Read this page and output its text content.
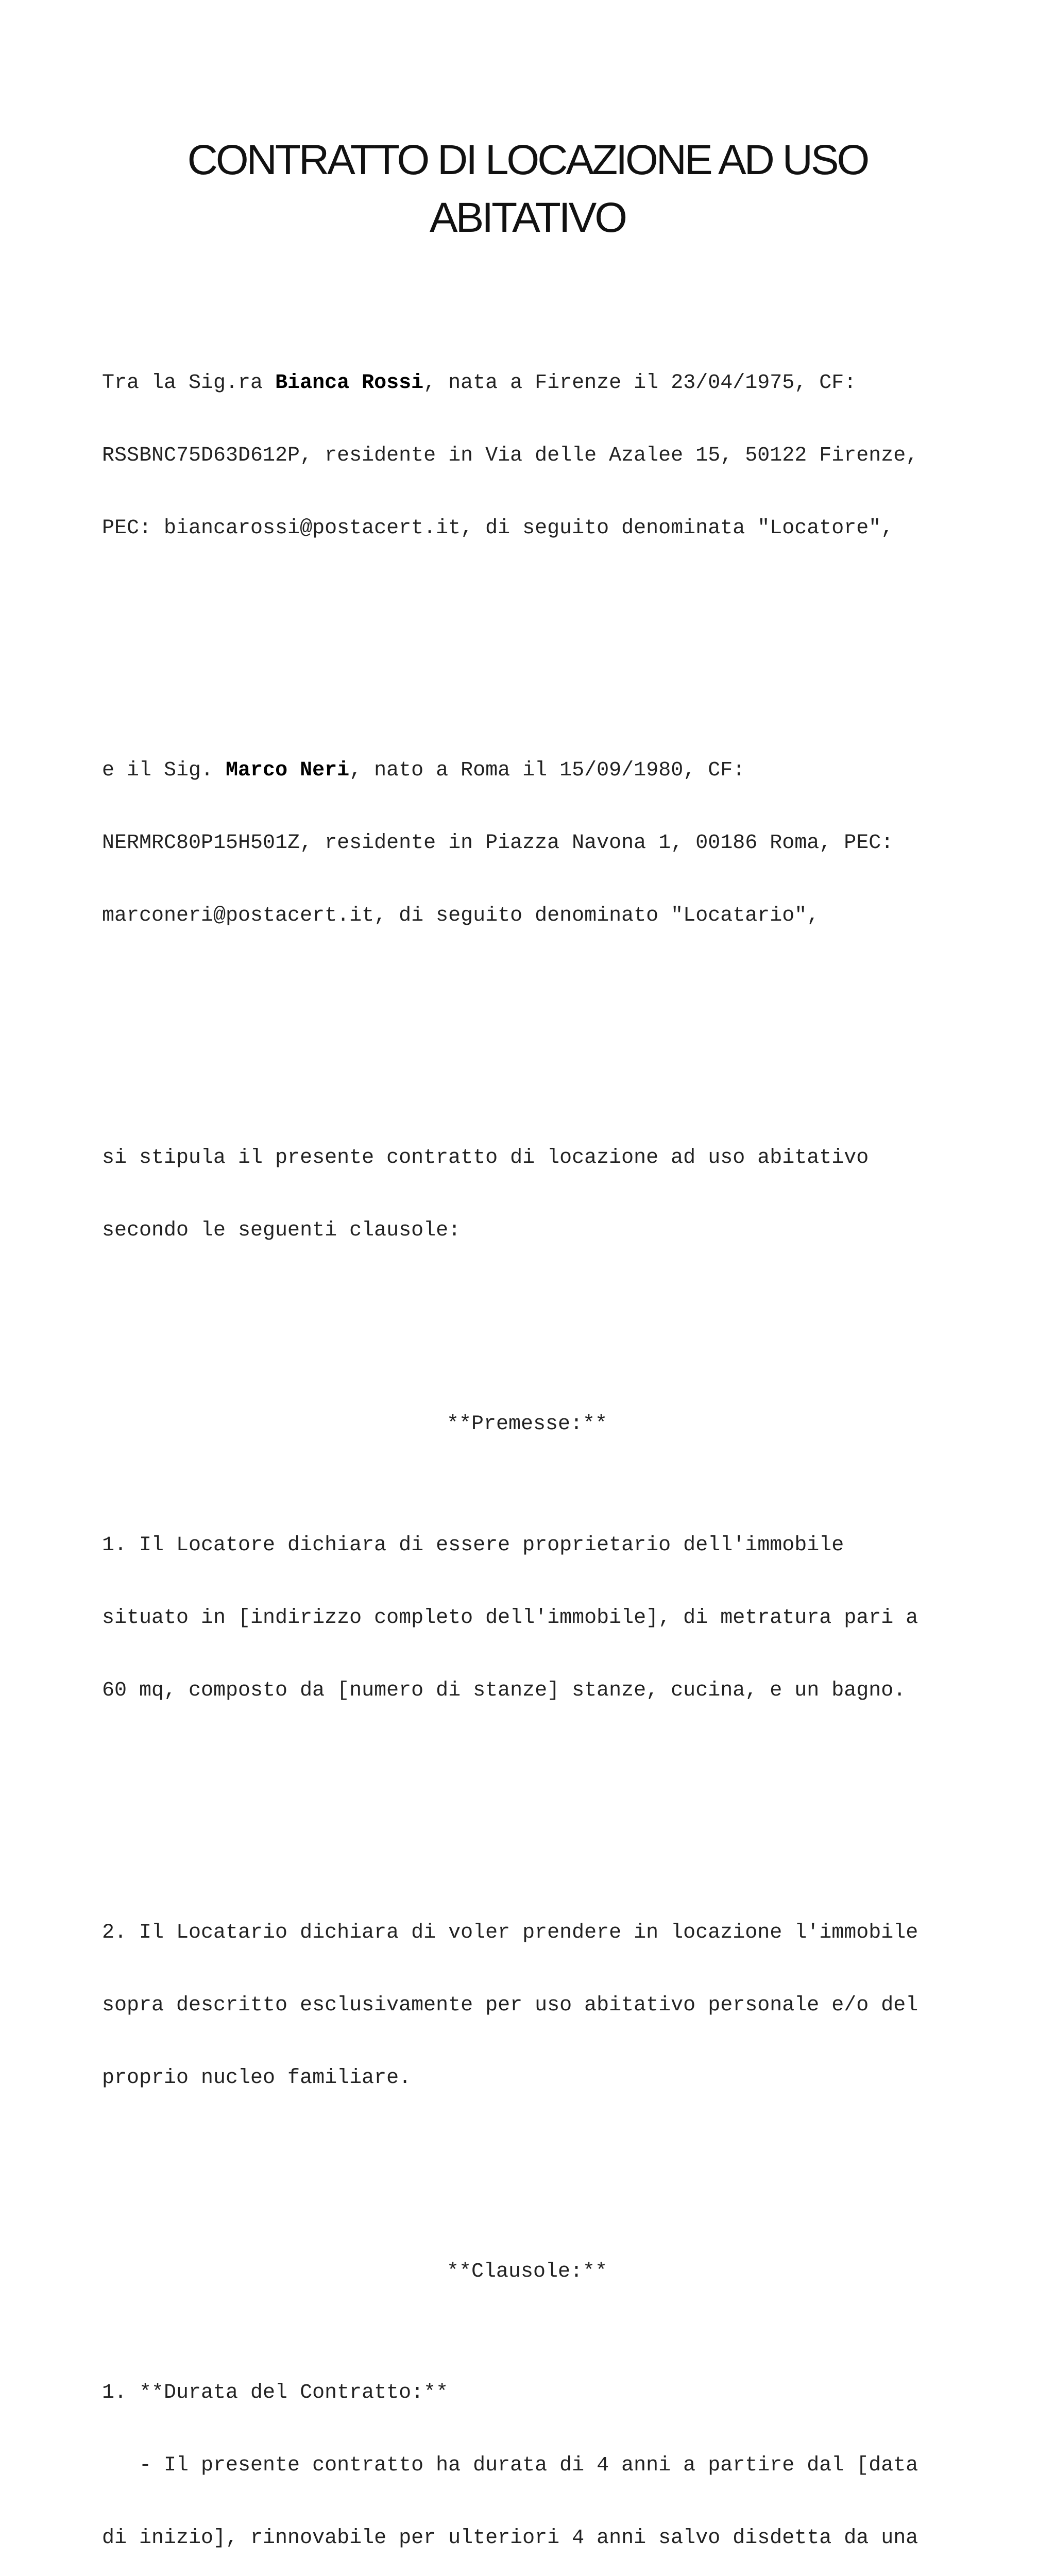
CONTRATTO DI LOCAZIONE AD USO
ABITATIVO

Tra la Sig.ra Bianca Rossi, nata a Firenze il 23/04/1975, CF:

RSSBNC75D63D612P, residente in Via delle Azalee 15, 50122 Firenze,

PEC: biancarossi@postacert.it, di seguito denominata "Locatore",

e il Sig. Marco Neri, nato a Roma il 15/09/1980, CF:

NERMRC80P15H501Z, residente in Piazza Navona 1, 00186 Roma, PEC:

marconeri@postacert.it, di seguito denominato "Locatario",

si stipula il presente contratto di locazione ad uso abitativo

secondo le seguenti clausole:

**Premesse:**

1. Il Locatore dichiara di essere proprietario dell'immobile

situato in [indirizzo completo dell'immobile], di metratura pari a

60 mq, composto da [numero di stanze] stanze, cucina, e un bagno.

2. Il Locatario dichiara di voler prendere in locazione l'immobile

sopra descritto esclusivamente per uso abitativo personale e/o del

proprio nucleo familiare.

**Clausole:**

1. **Durata del Contratto:**

- Il presente contratto ha durata di 4 anni a partire dal [data

di inizio], rinnovabile per ulteriori 4 anni salvo disdetta da una
